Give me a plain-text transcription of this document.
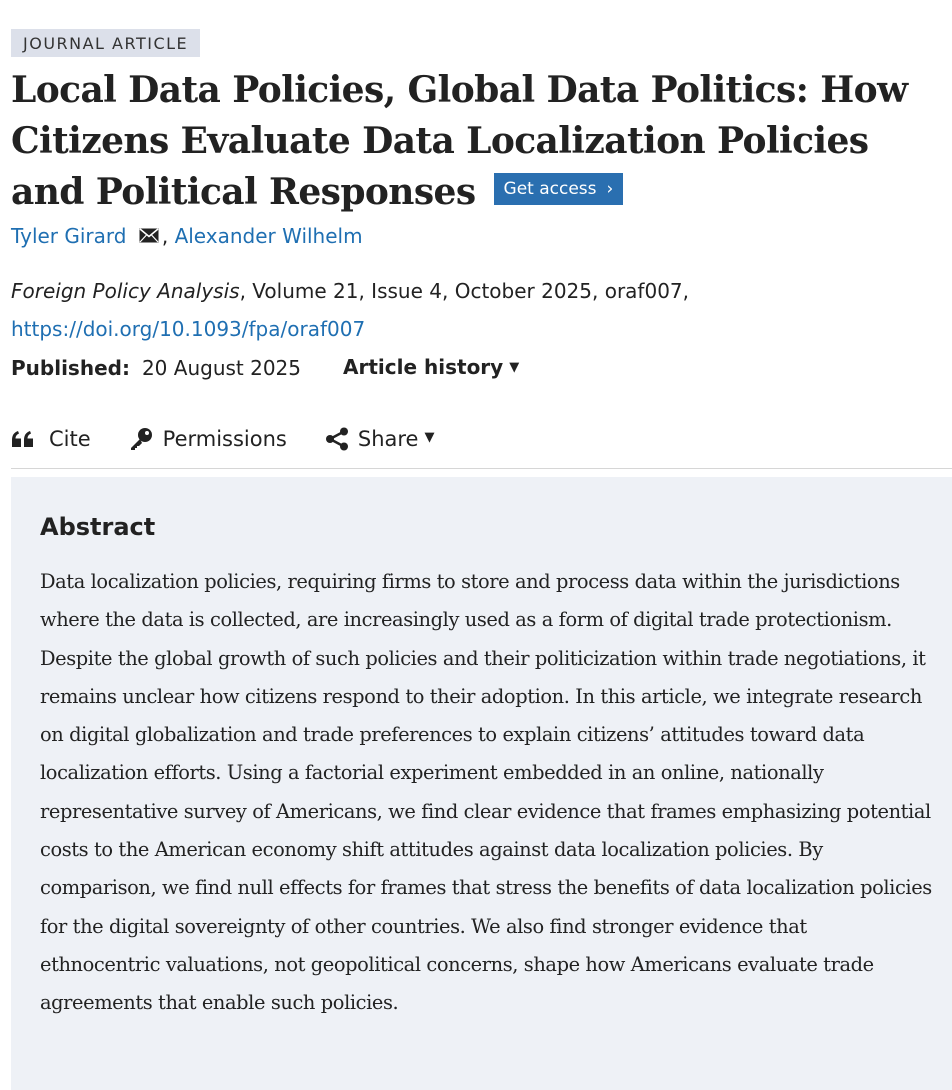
JOURNAL ARTICLE
Local Data Policies, Global Data Politics: How Citizens Evaluate Data Localization Policies and Political Responses Get access ›
Tyler Girard , Alexander Wilhelm
Foreign Policy Analysis, Volume 21, Issue 4, October 2025, oraf007,
https://doi.org/10.1093/fpa/oraf007
Published: 20 August 2025 Article history ▼
Cite	Permissions	Share ▼
Abstract

Data localization policies, requiring firms to store and process data within the jurisdictions where the data is collected, are increasingly used as a form of digital trade protectionism. Despite the global growth of such policies and their politicization within trade negotiations, it remains unclear how citizens respond to their adoption. In this article, we integrate research on digital globalization and trade preferences to explain citizens’ attitudes toward data localization efforts. Using a factorial experiment embedded in an online, nationally representative survey of Americans, we find clear evidence that frames emphasizing potential costs to the American economy shift attitudes against data localization policies. By comparison, we find null effects for frames that stress the benefits of data localization policies for the digital sovereignty of other countries. We also find stronger evidence that ethnocentric valuations, not geopolitical concerns, shape how Americans evaluate trade agreements that enable such policies.
